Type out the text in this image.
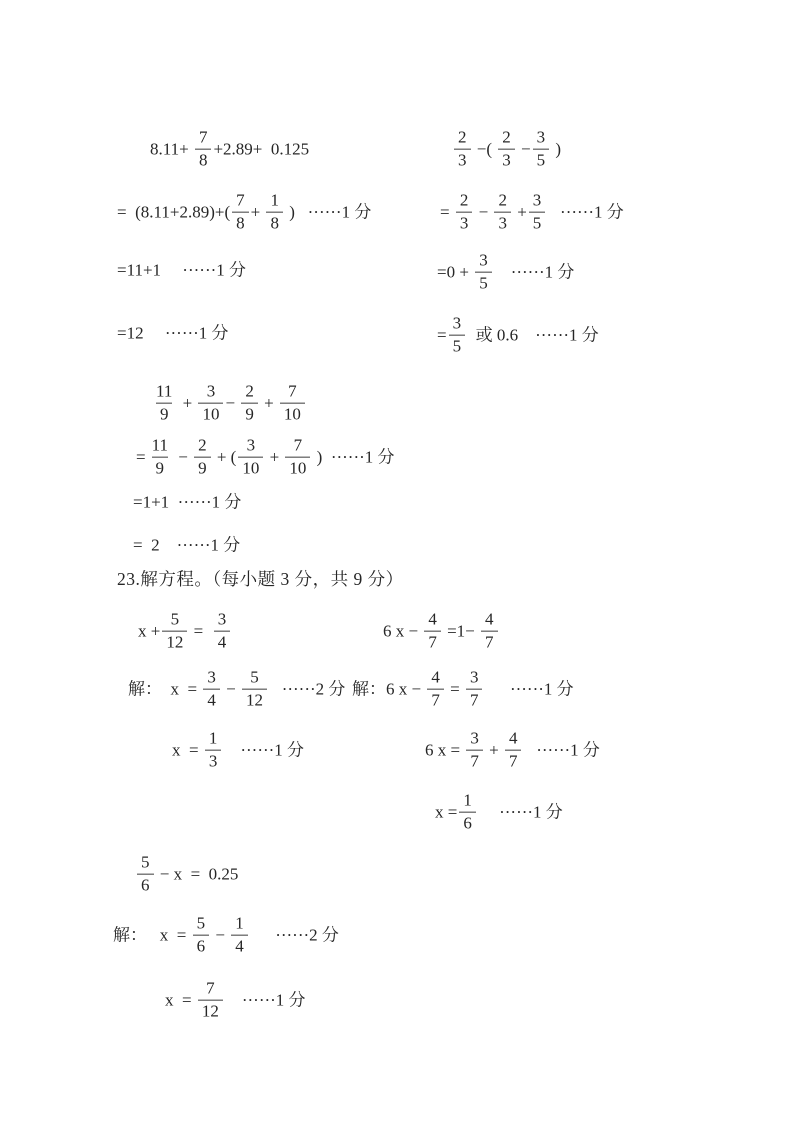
$8.11+ \frac{7}{8} +2.89+ 0.125$	$\frac{2}{3}$ −( $\frac{2}{3} - \frac{3}{5}$ )
=  $(8.11+2.89)+( \frac{7}{8} + \frac{1}{8}$ )   ······1 分	= $\frac{2}{3} - \frac{2}{3} + \frac{3}{5} \cdot\cdot\cdot\cdot\cdot\cdot 1$ 分
=11+1     ······1 分	$=0 + \frac{3}{5} \cdot\cdot\cdot\cdot\cdot\cdot 1$ 分
=12     ······1 分	= $\frac{3}{5}$ 或 0.6    ······1 分
$\frac{11}{9} + \frac{3}{10} - \frac{2}{9} + \frac{7}{10}$
= $\frac{11}{9} - \frac{2}{9}$ + ( $\frac{3}{10} + \frac{7}{10}$ )  ······1 分
=1+1  ······1 分
=  2    ······1 分
23.解方程。（每小题 3 分，共 9 分）
$x + \frac{5}{12} = \frac{3}{4}$	6 $x - \frac{4}{7} =1- \frac{4}{7}$
解：  $x = \frac{3}{4} - \frac{5}{12} \cdot\cdot\cdot\cdot\cdot\cdot 2$ 分 解：6 $x - \frac{4}{7} = \frac{3}{7} \cdot\cdot\cdot\cdot\cdot\cdot 1$ 分
$x = \frac{1}{3} \cdot\cdot\cdot\cdot\cdot\cdot 1$ 分	6 $x = \frac{3}{7} + \frac{4}{7} \cdot\cdot\cdot\cdot\cdot\cdot 1$ 分
$x = \frac{1}{6} \cdot\cdot\cdot\cdot\cdot\cdot 1$ 分
$\frac{5}{6} - x = 0.25$
解：   $x = \frac{5}{6} - \frac{1}{4} \cdot\cdot\cdot\cdot\cdot\cdot 2$ 分
$x = \frac{7}{12} \cdot\cdot\cdot\cdot\cdot\cdot 1$ 分
